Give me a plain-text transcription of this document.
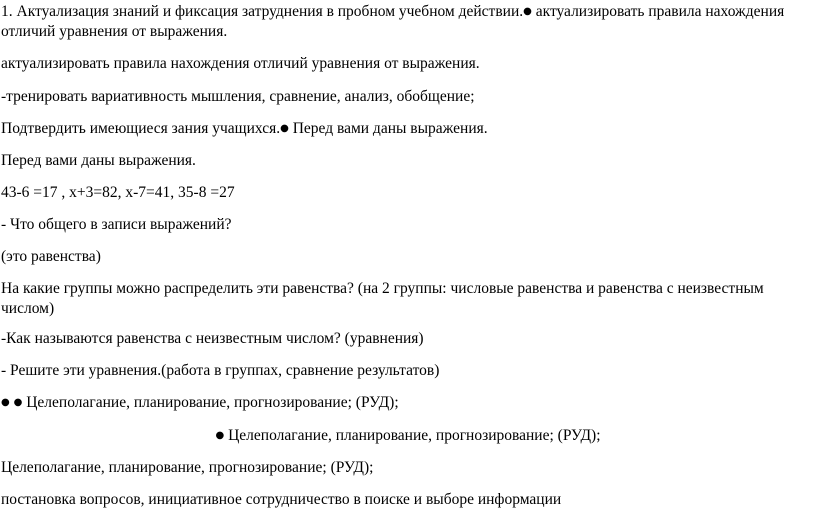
1. Актуализация знаний и фиксация затруднения в пробном учебном действии.● актуализировать правила нахождения отличий уравнения от выражения.
актуализировать правила нахождения отличий уравнения от выражения.
-тренировать вариативность мышления, сравнение, анализ, обобщение;
Подтвердить имеющиеся зания учащихся.● Перед вами даны выражения.
Перед вами даны выражения.
43-6 =17 , x+3=82, x-7=41, 35-8 =27
- Что общего в записи выражений?
(это равенства)
На какие группы можно распределить эти равенства? (на 2 группы: числовые равенства и равенства с неизвестным числом)
-Как называются равенства с неизвестным числом? (уравнения)
- Решите эти уравнения.(работа в группах, сравнение результатов)
● ● Целеполагание, планирование, прогнозирование; (РУД);
● Целеполагание, планирование, прогнозирование; (РУД);
Целеполагание, планирование, прогнозирование; (РУД);
постановка вопросов, инициативное сотрудничество в поиске и выборе информации
